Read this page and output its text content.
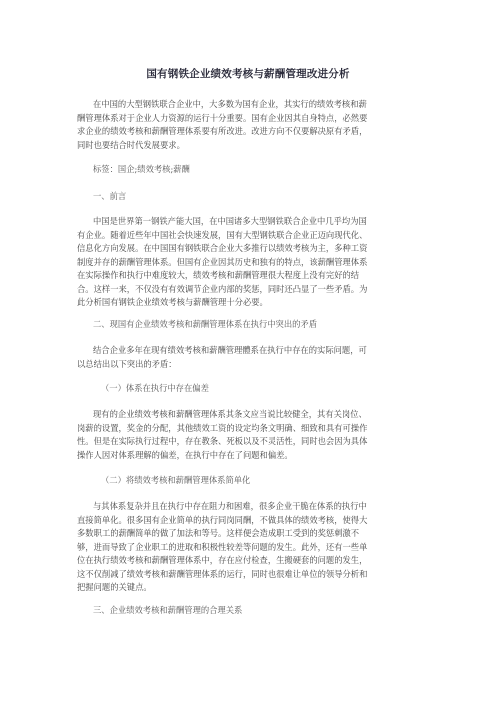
国有钢铁企业绩效考核与薪酬管理改进分析
在中国的大型钢铁联合企业中，大多数为国有企业，其实行的绩效考核和薪
酬管理体系对于企业人力资源的运行十分重要。国有企业因其自身特点，必然要
求企业的绩效考核和薪酬管理体系要有所改进。改进方向不仅要解决原有矛盾，
同时也要结合时代发展要求。
标签：国企;绩效考核;薪酬
一、前言
中国是世界第一钢铁产能大国，在中国诸多大型钢铁联合企业中几乎均为国
有企业。随着近些年中国社会快速发展，国有大型钢铁联合企业正迈向现代化、
信息化方向发展。在中国国有钢铁联合企业大多推行以绩效考核为主，多种工资
制度并存的薪酬管理体系。但国有企业因其历史和独有的特点，该薪酬管理体系
在实际操作和执行中难度较大，绩效考核和薪酬管理很大程度上没有完好的结
合。这样一来，不仅没有有效调节企业内部的奖惩，同时还凸显了一些矛盾。为
此分析国有钢铁企业绩效考核与薪酬管理十分必要。
二、现国有企业绩效考核和薪酬管理体系在执行中突出的矛盾
结合企业多年在现有绩效考核和薪酬管理體系在执行中存在的实际问题，可
以总结出以下突出的矛盾：
（一）体系在执行中存在偏差
现有的企业绩效考核和薪酬管理体系其条文应当说比较健全，其有关岗位、
岗薪的设置，奖金的分配，其他绩效工资的设定均条文明确、细致和具有可操作
性。但是在实际执行过程中，存在教条、死板以及不灵活性，同时也会因为具体
操作人因对体系理解的偏差，在执行中存在了问题和偏差。
（二）将绩效考核和薪酬管理体系简单化
与其体系复杂并且在执行中存在阻力和困难，很多企业干脆在体系的执行中
直接简单化。很多国有企业简单的执行同岗同酬，不做具体的绩效考核，使得大
多数职工的薪酬简单的做了加法和等号。这样便会造成职工受到的奖惩刺激不
够，进而导致了企业职工的进取和积极性较差等问题的发生。此外，还有一些单
位在执行绩效考核和薪酬管理体系中，存在应付检查，生搬硬套的问题的发生，
这不仅削减了绩效考核和薪酬管理体系的运行，同时也很难让单位的领导分析和
把握问题的关键点。
三、企业绩效考核和薪酬管理的合理关系
